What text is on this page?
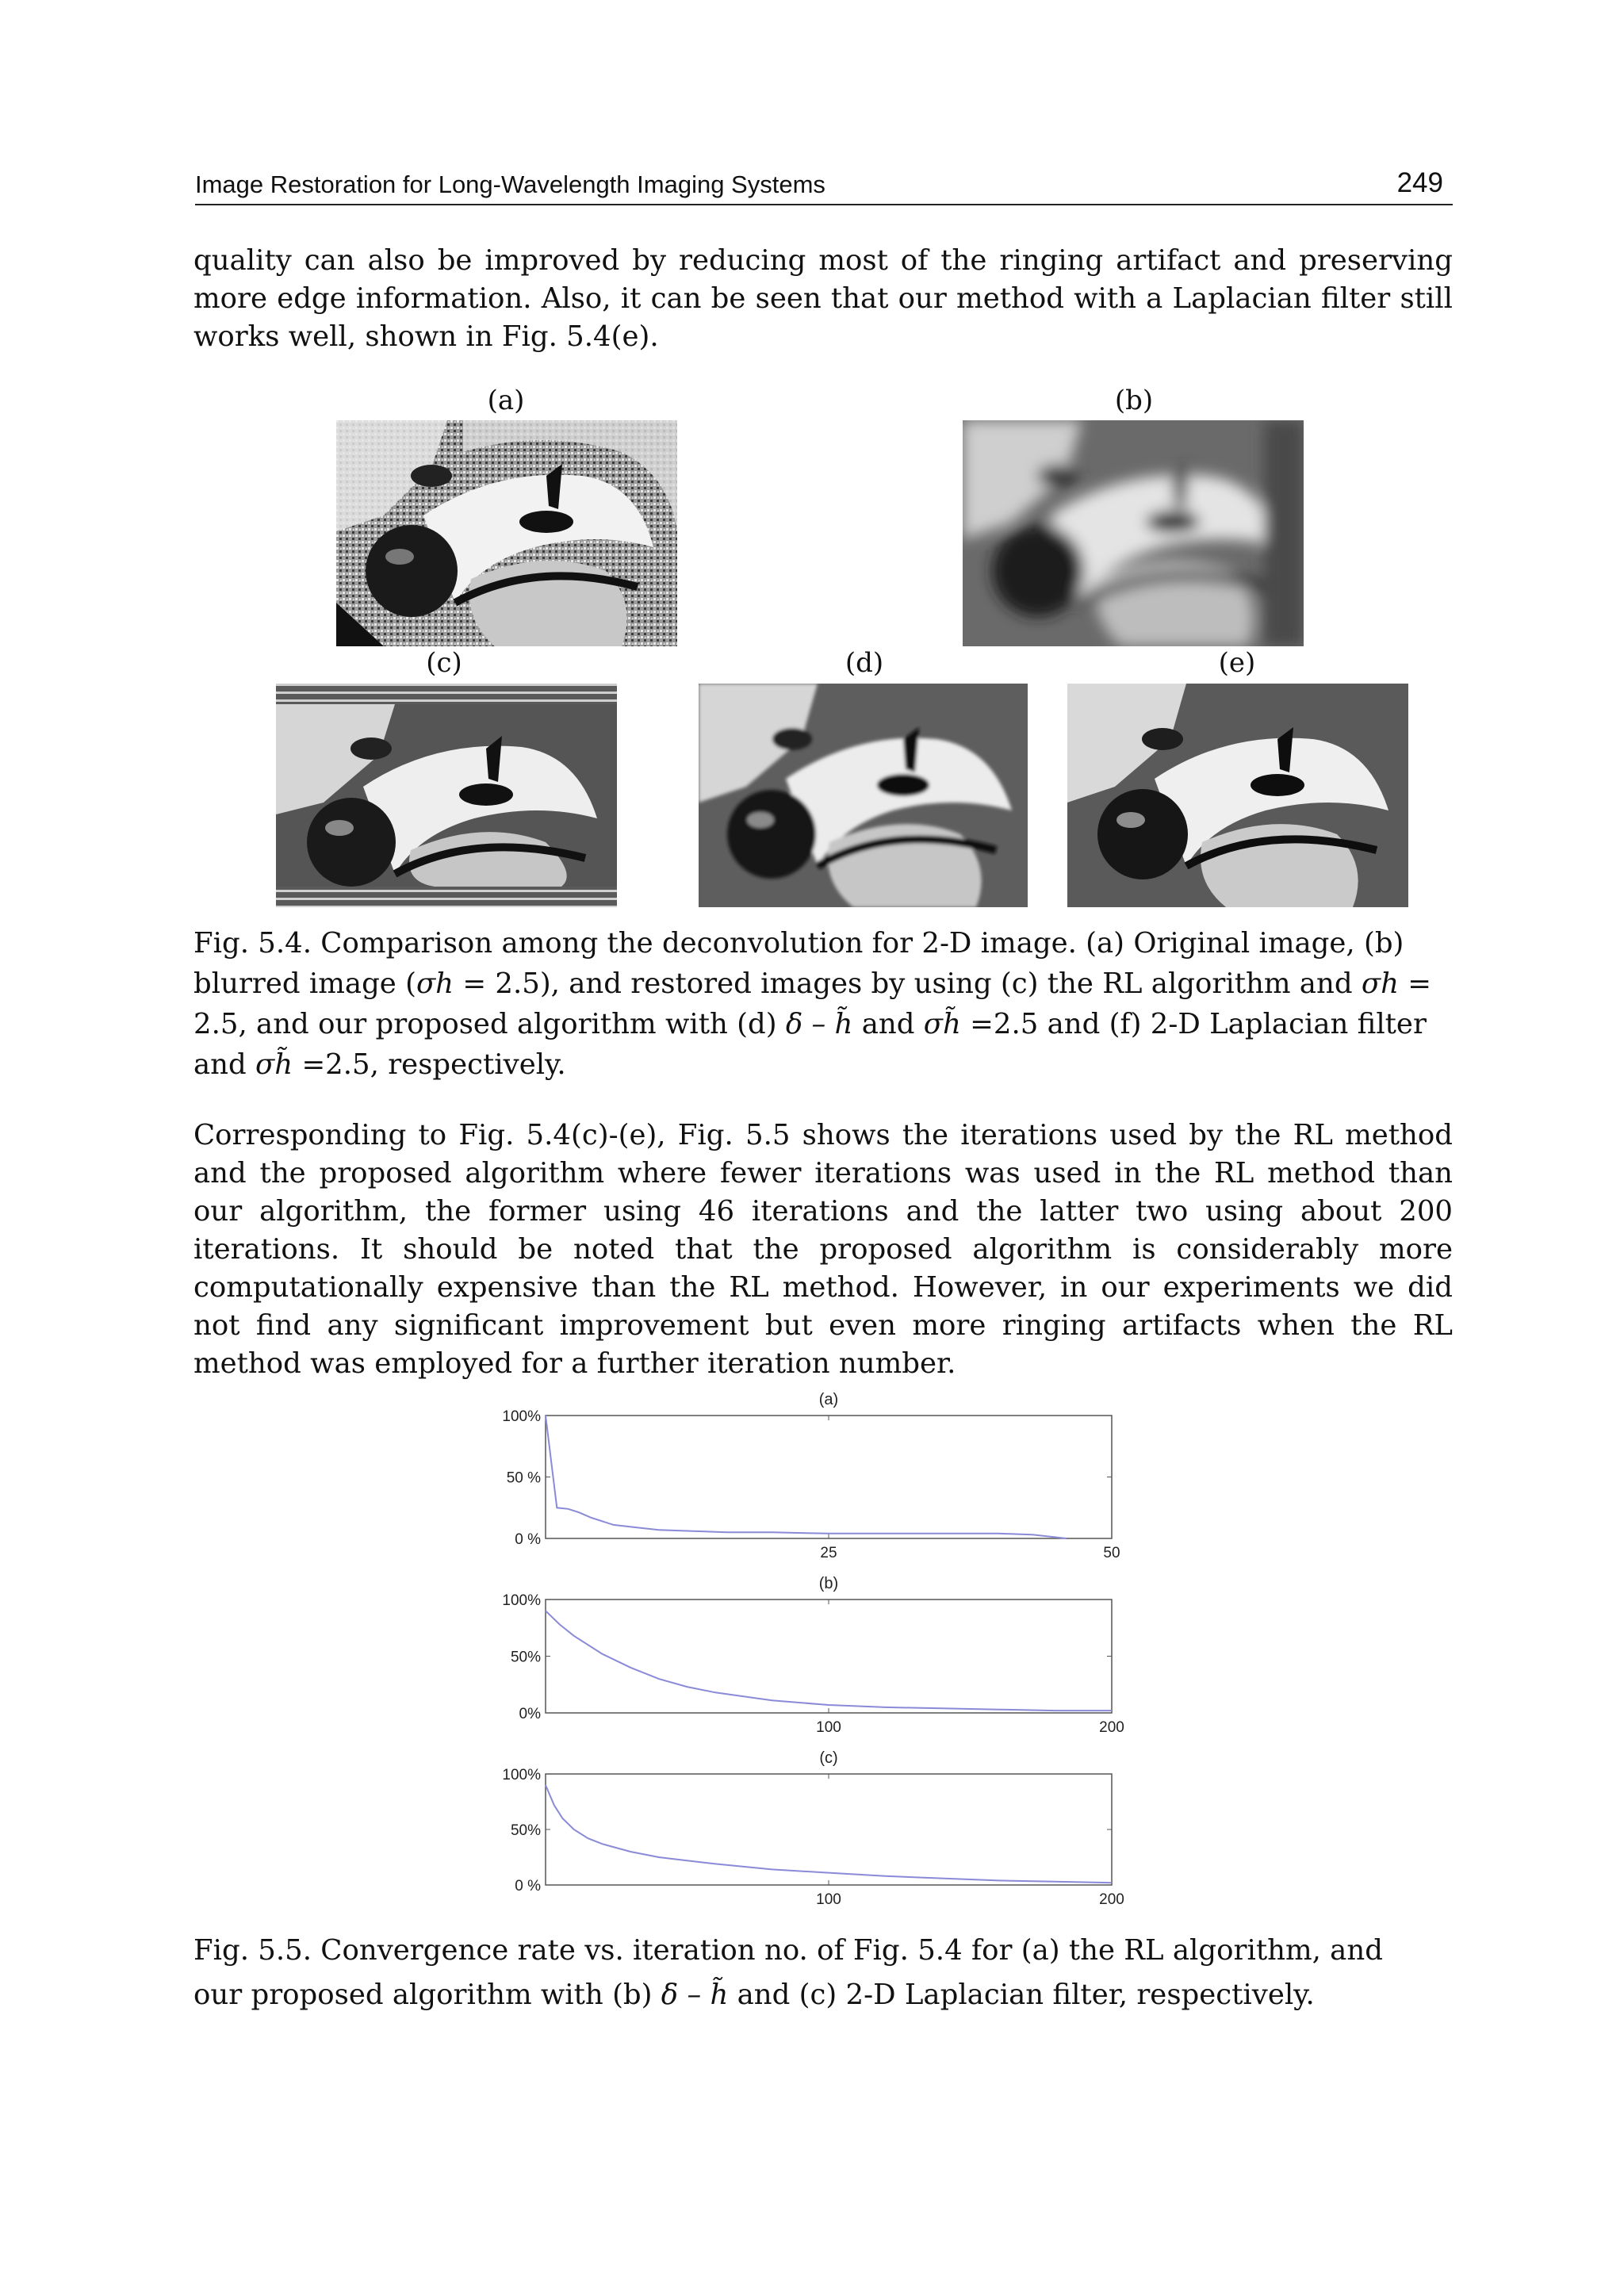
Image Restoration for Long-Wavelength Imaging Systems	249

quality can also be improved by reducing most of the ringing artifact and preserving more edge information. Also, it can be seen that our method with a Laplacian filter still works well, shown in Fig. 5.4(e).

(a)	(b)
(c)	(d)	(e)
Fig. 5.4. Comparison among the deconvolution for 2-D image. (a) Original image, (b) blurred image (σh = 2.5), and restored images by using (c) the RL algorithm and σh = 2.5, and our proposed algorithm with (d) δ – h̃ and σh̃ =2.5 and (f) 2-D Laplacian filter and σh̃ =2.5, respectively.

Corresponding to Fig. 5.4(c)-(e), Fig. 5.5 shows the iterations used by the RL method and the proposed algorithm where fewer iterations was used in the RL method than our algorithm, the former using 46 iterations and the latter two using about 200 iterations. It should be noted that the proposed algorithm is considerably more computationally expensive than the RL method. However, in our experiments we did not find any significant improvement but even more ringing artifacts when the RL method was employed for a further iteration number.

(a)
100%
50 %
0 %
25	50
(b)
100%
50%
0%
100	200
(c)
100%
50%
0 %
100	200
Fig. 5.5. Convergence rate vs. iteration no. of Fig. 5.4 for (a) the RL algorithm, and our proposed algorithm with (b) δ – h̃ and (c) 2-D Laplacian filter, respectively.
